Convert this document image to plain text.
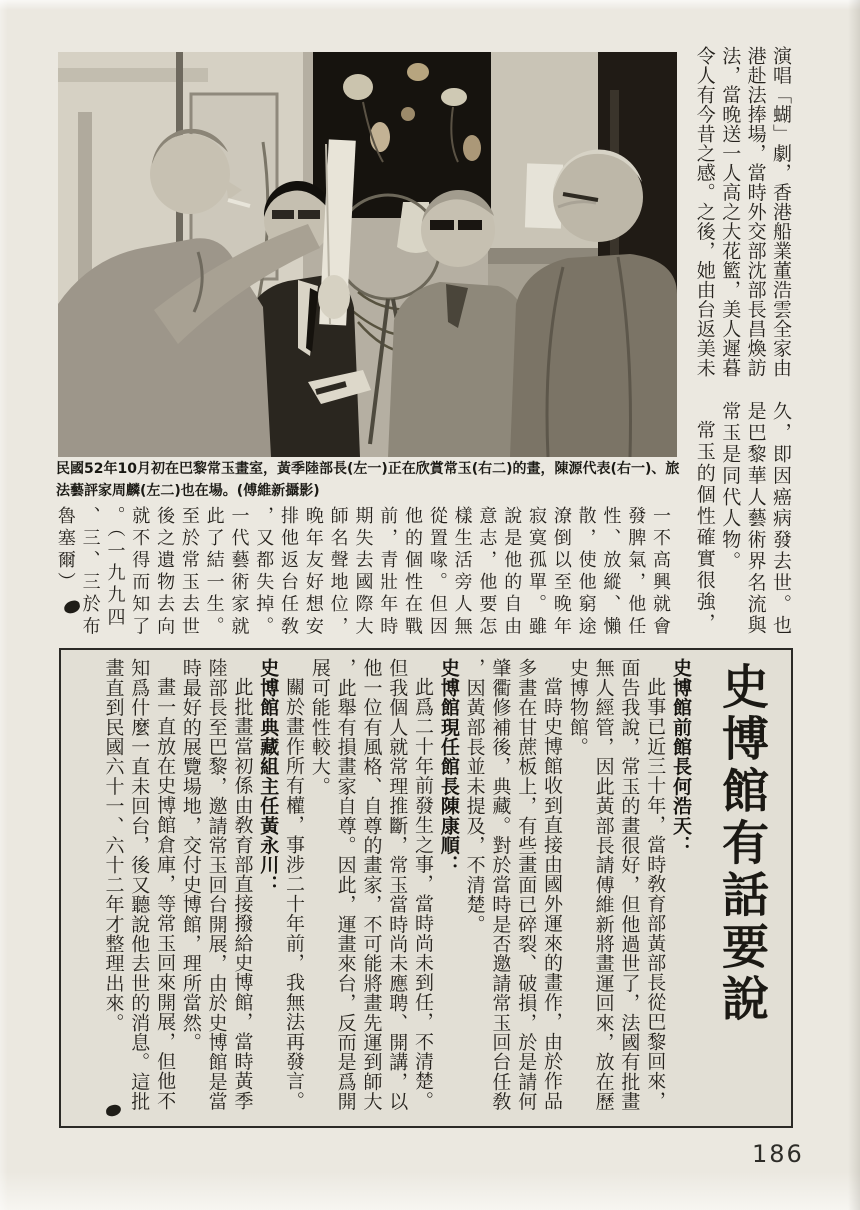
民國52年10月初在巴黎常玉畫室，黃季陸部長(左一)正在欣賞常玉(右二)的畫，陳源代表(右一)、旅法藝評家周麟(左二)也在場。(傅維新攝影)

演唱「蝴」劇，香港船業董浩雲全家由港赴法捧場，當時外交部沈部長昌煥訪法，當晚送一人高之大花籃，美人遲暮令人有今昔之感。之後，她由台返美未

久，即因癌病發去世。也是巴黎華人藝術界名流與常玉是同代人物。

常玉的個性確實很強，

一不高興就會發脾氣，他任性、放縱、懶散，使他窮途潦倒以至晚年寂寞孤單。雖說是他的自由意志，他要怎樣生活旁人無從置喙。但因他的個性在戰前，青壯年時期失去國際大師名聲地位，晚年友好想安排他返台任敎，又都失掉。一代藝術家就此了結一生。至於常玉去世後之遺物去向就不得而知了。（一九九四、三、三於布魯塞爾）

史博館有話要說
史博館前館長何浩天：

此事已近三十年，當時敎育部黃部長從巴黎回來，面告我說，常玉的畫很好，但他過世了，法國有批畫無人經管，因此黃部長請傅維新將畫運回來，放在歷史博物館。

當時史博館收到直接由國外運來的畫作，由於作品多畫在甘蔗板上，有些畫面已碎裂、破損，於是請何肇衢修補後，典藏。對於當時是否邀請常玉回台任敎，因黃部長並未提及，不清楚。

史博館現任館長陳康順：

此爲二十年前發生之事，當時尚未到任，不清楚。但我個人就常理推斷，常玉當時尚未應聘、開講，以他一位有風格、自尊的畫家，不可能將畫先運到師大，此舉有損畫家自尊。因此，運畫來台，反而是爲開展可能性較大。

關於畫作所有權，事涉二十年前，我無法再發言。

史博館典藏組主任黃永川：

此批畫當初係由敎育部直接撥給史博館，當時黃季陸部長至巴黎，邀請常玉回台開展，由於史博館是當時最好的展覽場地，交付史博館，理所當然。

畫一直放在史博館倉庫，等常玉回來開展，但他不知爲什麼一直未回台，後又聽說他去世的消息。這批畫直到民國六十一、六十二年才整理出來。

186
